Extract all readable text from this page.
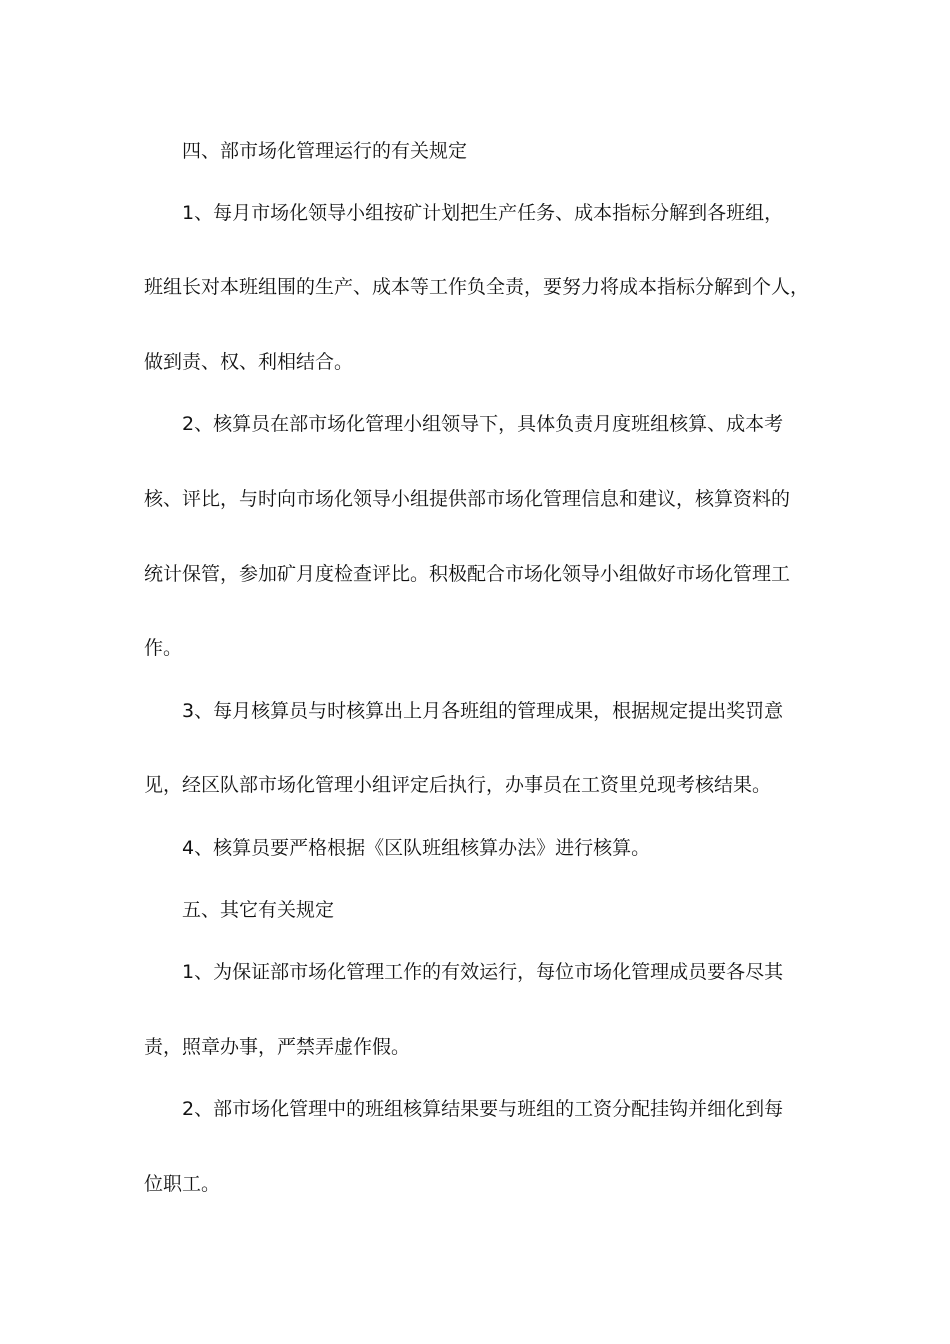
四、部市场化管理运行的有关规定
1、每月市场化领导小组按矿计划把生产任务、成本指标分解到各班组，
班组长对本班组围的生产、成本等工作负全责，要努力将成本指标分解到个人，
做到责、权、利相结合。
2、核算员在部市场化管理小组领导下，具体负责月度班组核算、成本考
核、评比，与时向市场化领导小组提供部市场化管理信息和建议，核算资料的
统计保管，参加矿月度检查评比。积极配合市场化领导小组做好市场化管理工
作。
3、每月核算员与时核算出上月各班组的管理成果，根据规定提出奖罚意
见，经区队部市场化管理小组评定后执行，办事员在工资里兑现考核结果。
4、核算员要严格根据《区队班组核算办法》进行核算。
五、其它有关规定
1、为保证部市场化管理工作的有效运行，每位市场化管理成员要各尽其
责，照章办事，严禁弄虚作假。
2、部市场化管理中的班组核算结果要与班组的工资分配挂钩并细化到每
位职工。
